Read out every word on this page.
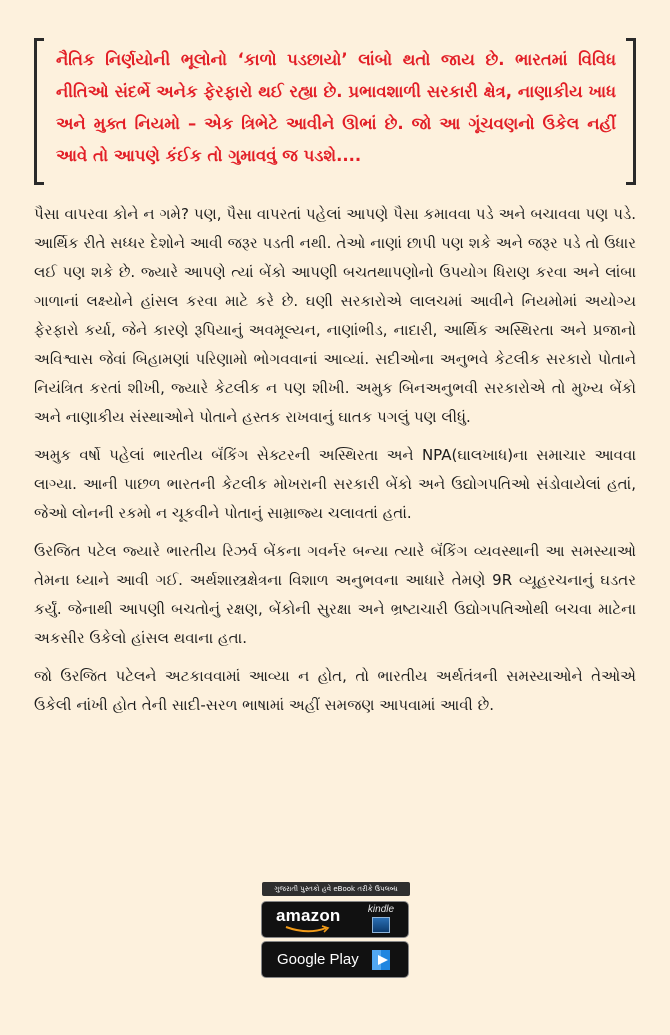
નૈતિક નિર્ણયોની ભૂલોનો ‘કાળો પડછાયો’ લાંબો થતો જાય છે. ભારતમાં વિવિધ નીતિઓ સંદર્ભે અનેક ફેરફારો થઈ રહ્યા છે. પ્રભાવશાળી સરકારી ક્ષેત્ર, નાણાકીય ખાધ અને મુક્ત નિયમો – એક ત્રિભેટે આવીને ઊભાં છે. જો આ ગૂંચવણનો ઉકેલ નહીં આવે તો આપણે કંઈક તો ગુમાવવું જ પડશે....

પૈસા વાપરવા કોને ન ગમે? પણ, પૈસા વાપરતાં પહેલાં આપણે પૈસા કમાવવા પડે અને બચાવવા પણ પડે. આર્થિક રીતે સધ્ધર દેશોને આવી જરૂર પડતી નથી. તેઓ નાણાં છાપી પણ શકે અને જરૂર પડે તો ઉધાર લઈ પણ શકે છે. જ્યારે આપણે ત્યાં બેંકો આપણી બચતથાપણોનો ઉપયોગ ધિરાણ કરવા અને લાંબા ગાળાનાં લક્ષ્યોને હાંસલ કરવા માટે કરે છે. ઘણી સરકારોએ લાલચમાં આવીને નિયમોમાં અયોગ્ય ફેરફારો કર્યા, જેને કારણે રૂપિયાનું અવમૂલ્યન, નાણાંભીડ, નાદારી, આર્થિક અસ્થિરતા અને પ્રજાનો અવિશ્વાસ જેવાં બિહામણાં પરિણામો ભોગવવાનાં આવ્યાં. સદીઓના અનુભવે કેટલીક સરકારો પોતાને નિયંત્રિત કરતાં શીખી, જ્યારે કેટલીક ન પણ શીખી. અમુક બિનઅનુભવી સરકારોએ તો મુખ્ય બેંકો અને નાણાકીય સંસ્થાઓને પોતાને હસ્તક રાખવાનું ઘાતક પગલું પણ લીધું.

અમુક વર્ષો પહેલાં ભારતીય બૅંકિંગ સેક્ટરની અસ્થિરતા અને NPA(ઘાલખાધ)ના સમાચાર આવવા લાગ્યા. આની પાછળ ભારતની કેટલીક મોખરાની સરકારી બેંકો અને ઉદ્યોગપતિઓ સંડોવાયેલાં હતાં, જેઓ લોનની રકમો ન ચૂકવીને પોતાનું સામ્રાજ્ય ચલાવતાં હતાં.

ઉરજિત પટેલ જ્યારે ભારતીય રિઝર્વ બેંકના ગવર્નર બન્યા ત્યારે બૅંકિંગ વ્યવસ્થાની આ સમસ્યાઓ તેમના ધ્યાને આવી ગઈ. અર્થશાસ્ત્રક્ષેત્રના વિશાળ અનુભવના આધારે તેમણે 9R વ્યૂહરચનાનું ઘડતર કર્યું. જેનાથી આપણી બચતોનું રક્ષણ, બેંકોની સુરક્ષા અને ભ્રષ્ટાચારી ઉદ્યોગપતિઓથી બચવા માટેના અકસીર ઉકેલો હાંસલ થવાના હતા.

જો ઉરજિત પટેલને અટકાવવામાં આવ્યા ન હોત, તો ભારતીય અર્થતંત્રની સમસ્યાઓને તેઓએ ઉકેલી નાંખી હોત તેની સાદી-સરળ ભાષામાં અહીં સમજણ આપવામાં આવી છે.

ગુજરાતી પુસ્તકો હવે eBook તરીકે ઉપલબ્ધ
amazon	kindle
Google Play
